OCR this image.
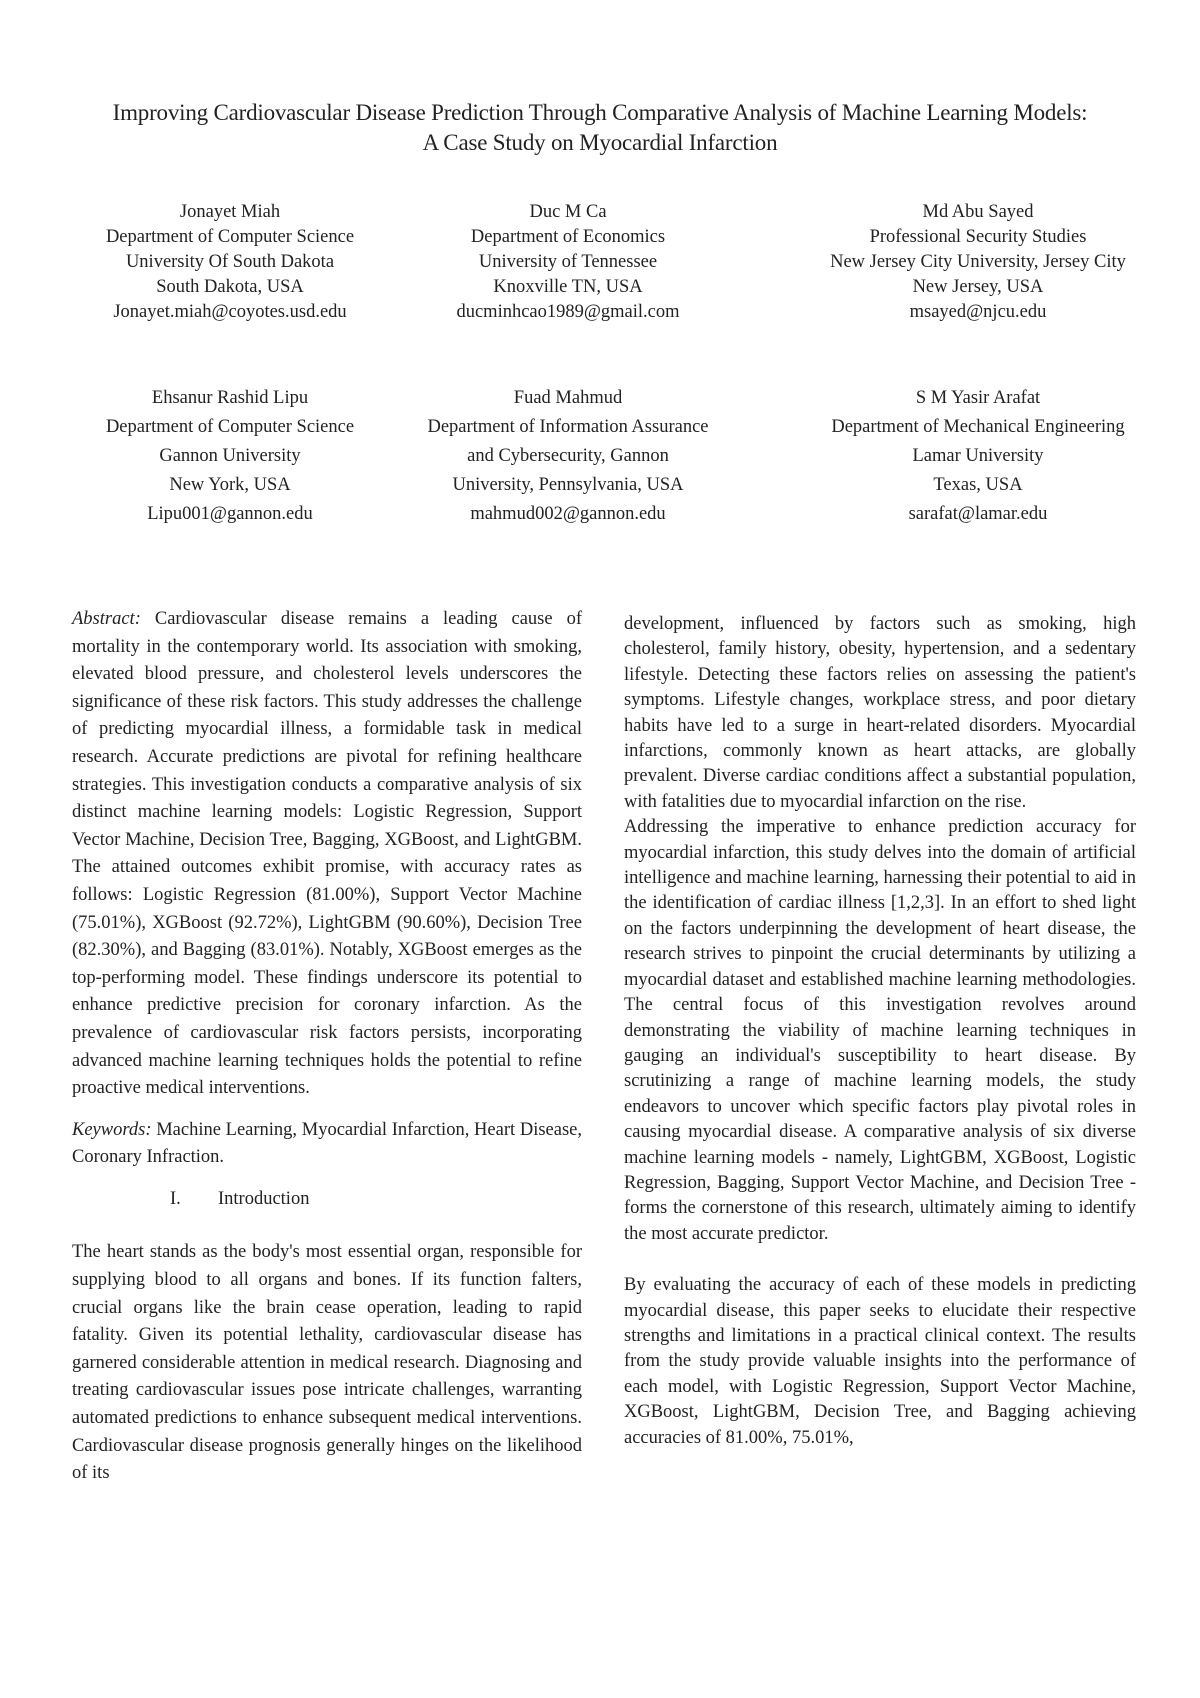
Improving Cardiovascular Disease Prediction Through Comparative Analysis of Machine Learning Models:
A Case Study on Myocardial Infarction
Jonayet Miah
Department of Computer Science
University Of South Dakota
South Dakota, USA
Jonayet.miah@coyotes.usd.edu
Duc M Ca
Department of Economics
University of Tennessee
Knoxville TN, USA
ducminhcao1989@gmail.com
Md Abu Sayed
Professional Security Studies
New Jersey City University, Jersey City
New Jersey, USA
msayed@njcu.edu
Ehsanur Rashid Lipu
Department of Computer Science
Gannon University
New York, USA
Lipu001@gannon.edu
Fuad Mahmud
Department of Information Assurance
and Cybersecurity, Gannon
University, Pennsylvania, USA
mahmud002@gannon.edu
S M Yasir Arafat
Department of Mechanical Engineering
Lamar University
Texas, USA
sarafat@lamar.edu

Abstract: Cardiovascular disease remains a leading cause of mortality in the contemporary world. Its association with smoking, elevated blood pressure, and cholesterol levels underscores the significance of these risk factors. This study addresses the challenge of predicting myocardial illness, a formidable task in medical research. Accurate predictions are pivotal for refining healthcare strategies. This investigation conducts a comparative analysis of six distinct machine learning models: Logistic Regression, Support Vector Machine, Decision Tree, Bagging, XGBoost, and LightGBM. The attained outcomes exhibit promise, with accuracy rates as follows: Logistic Regression (81.00%), Support Vector Machine (75.01%), XGBoost (92.72%), LightGBM (90.60%), Decision Tree (82.30%), and Bagging (83.01%). Notably, XGBoost emerges as the top-performing model. These findings underscore its potential to enhance predictive precision for coronary infarction. As the prevalence of cardiovascular risk factors persists, incorporating advanced machine learning techniques holds the potential to refine proactive medical interventions.

Keywords: Machine Learning, Myocardial Infarction, Heart Disease, Coronary Infraction.

I. Introduction

The heart stands as the body's most essential organ, responsible for supplying blood to all organs and bones. If its function falters, crucial organs like the brain cease operation, leading to rapid fatality. Given its potential lethality, cardiovascular disease has garnered considerable attention in medical research. Diagnosing and treating cardiovascular issues pose intricate challenges, warranting automated predictions to enhance subsequent medical interventions. Cardiovascular disease prognosis generally hinges on the likelihood of its

development, influenced by factors such as smoking, high cholesterol, family history, obesity, hypertension, and a sedentary lifestyle. Detecting these factors relies on assessing the patient's symptoms. Lifestyle changes, workplace stress, and poor dietary habits have led to a surge in heart-related disorders. Myocardial infarctions, commonly known as heart attacks, are globally prevalent. Diverse cardiac conditions affect a substantial population, with fatalities due to myocardial infarction on the rise.

Addressing the imperative to enhance prediction accuracy for myocardial infarction, this study delves into the domain of artificial intelligence and machine learning, harnessing their potential to aid in the identification of cardiac illness [1,2,3]. In an effort to shed light on the factors underpinning the development of heart disease, the research strives to pinpoint the crucial determinants by utilizing a myocardial dataset and established machine learning methodologies. The central focus of this investigation revolves around demonstrating the viability of machine learning techniques in gauging an individual's susceptibility to heart disease. By scrutinizing a range of machine learning models, the study endeavors to uncover which specific factors play pivotal roles in causing myocardial disease. A comparative analysis of six diverse machine learning models - namely, LightGBM, XGBoost, Logistic Regression, Bagging, Support Vector Machine, and Decision Tree - forms the cornerstone of this research, ultimately aiming to identify the most accurate predictor.

By evaluating the accuracy of each of these models in predicting myocardial disease, this paper seeks to elucidate their respective strengths and limitations in a practical clinical context. The results from the study provide valuable insights into the performance of each model, with Logistic Regression, Support Vector Machine, XGBoost, LightGBM, Decision Tree, and Bagging achieving accuracies of 81.00%, 75.01%,
